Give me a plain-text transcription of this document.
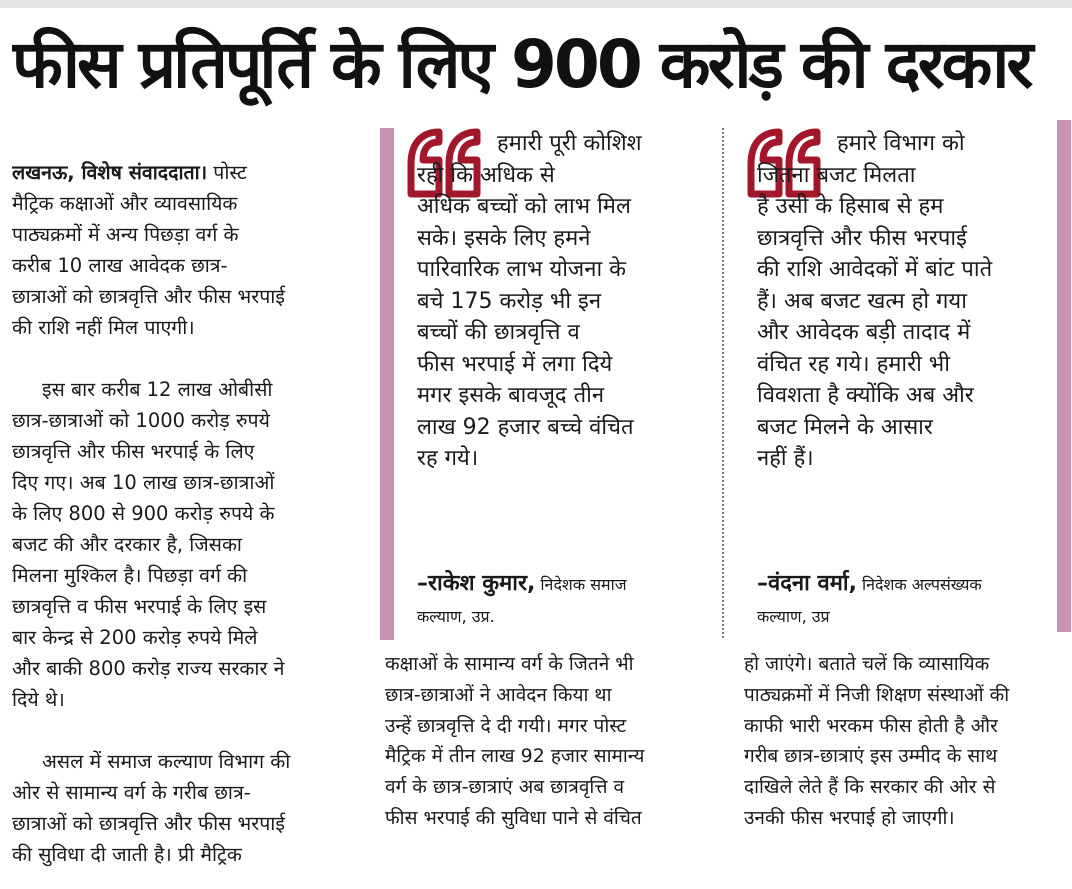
फीस प्रतिपूर्ति के लिए 900 करोड़ की दरकार

लखनऊ, विशेष संवाददाता। पोस्ट
मैट्रिक कक्षाओं और व्यावसायिक
पाठ्यक्रमों में अन्य पिछड़ा वर्ग के
करीब 10 लाख आवेदक छात्र-
छात्राओं को छात्रवृत्ति और फीस भरपाई
की राशि नहीं मिल पाएगी।

इस बार करीब 12 लाख ओबीसी
छात्र-छात्राओं को 1000 करोड़ रुपये
छात्रवृत्ति और फीस भरपाई के लिए
दिए गए। अब 10 लाख छात्र-छात्राओं
के लिए 800 से 900 करोड़ रुपये के
बजट की और दरकार है, जिसका
मिलना मुश्किल है। पिछड़ा वर्ग की
छात्रवृत्ति व फीस भरपाई के लिए इस
बार केन्द्र से 200 करोड़ रुपये मिले
और बाकी 800 करोड़ राज्य सरकार ने
दिये थे।

असल में समाज कल्याण विभाग की
ओर से सामान्य वर्ग के गरीब छात्र-
छात्राओं को छात्रवृत्ति और फीस भरपाई
की सुविधा दी जाती है। प्री मैट्रिक

हमारी पूरी कोशिश
रही कि अधिक से
अधिक बच्चों को लाभ मिल
सके। इसके लिए हमने
पारिवारिक लाभ योजना के
बचे 175 करोड़ भी इन
बच्चों की छात्रवृत्ति व
फीस भरपाई में लगा दिये
मगर इसके बावजूद तीन
लाख 92 हजार बच्चे वंचित
रह गये।
–राकेश कुमार, निदेशक समाज
कल्याण, उप्र.
हमारे विभाग को
जितना बजट मिलता
है उसी के हिसाब से हम
छात्रवृत्ति और फीस भरपाई
की राशि आवेदकों में बांट पाते
हैं। अब बजट खत्म हो गया
और आवेदक बड़ी तादाद में
वंचित रह गये। हमारी भी
विवशता है क्योंकि अब और
बजट मिलने के आसार
नहीं हैं।
–वंदना वर्मा, निदेशक अल्पसंख्यक
कल्याण, उप्र
कक्षाओं के सामान्य वर्ग के जितने भी
छात्र-छात्राओं ने आवेदन किया था
उन्हें छात्रवृत्ति दे दी गयी। मगर पोस्ट
मैट्रिक में तीन लाख 92 हजार सामान्य
वर्ग के छात्र-छात्राएं अब छात्रवृत्ति व
फीस भरपाई की सुविधा पाने से वंचित
हो जाएंगे। बताते चलें कि व्यासायिक
पाठ्यक्रमों में निजी शिक्षण संस्थाओं की
काफी भारी भरकम फीस होती है और
गरीब छात्र-छात्राएं इस उम्मीद के साथ
दाखिले लेते हैं कि सरकार की ओर से
उनकी फीस भरपाई हो जाएगी।
